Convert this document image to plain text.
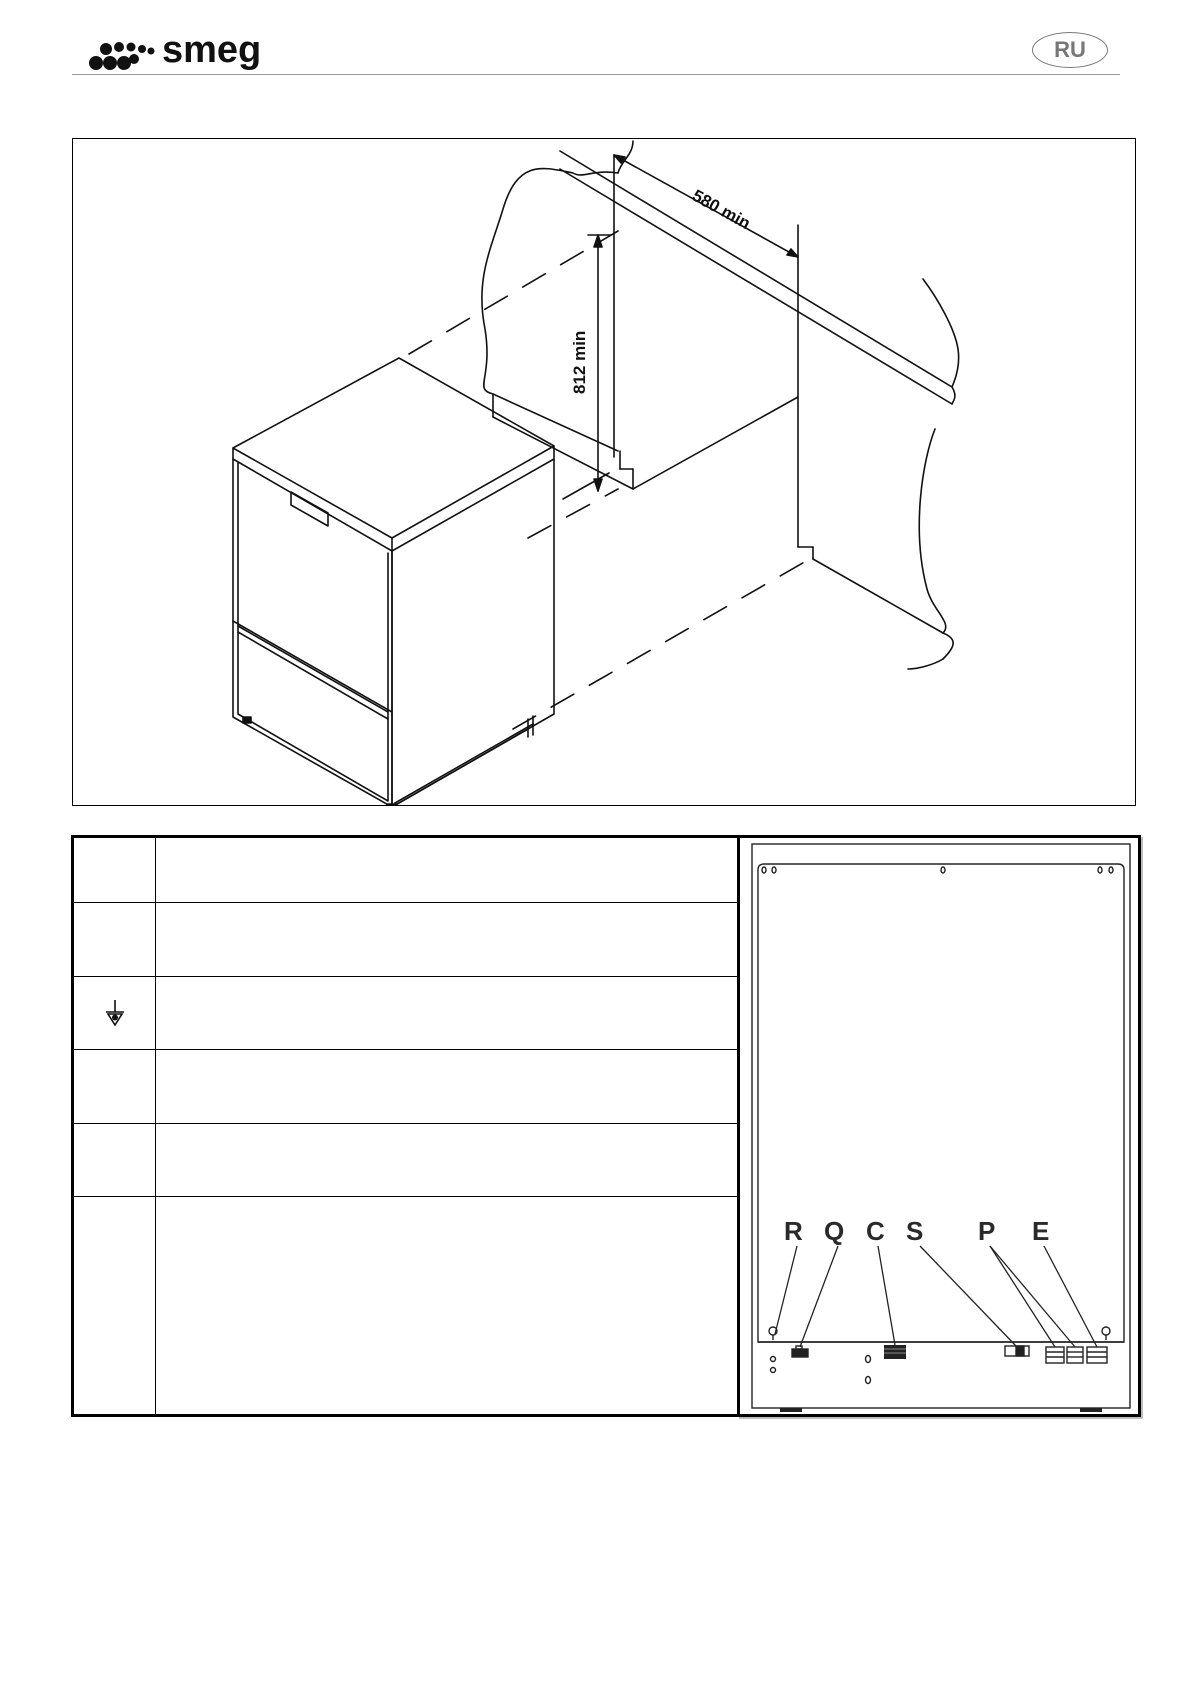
smeg	RU
580 min
812 min
R Q C S P E
